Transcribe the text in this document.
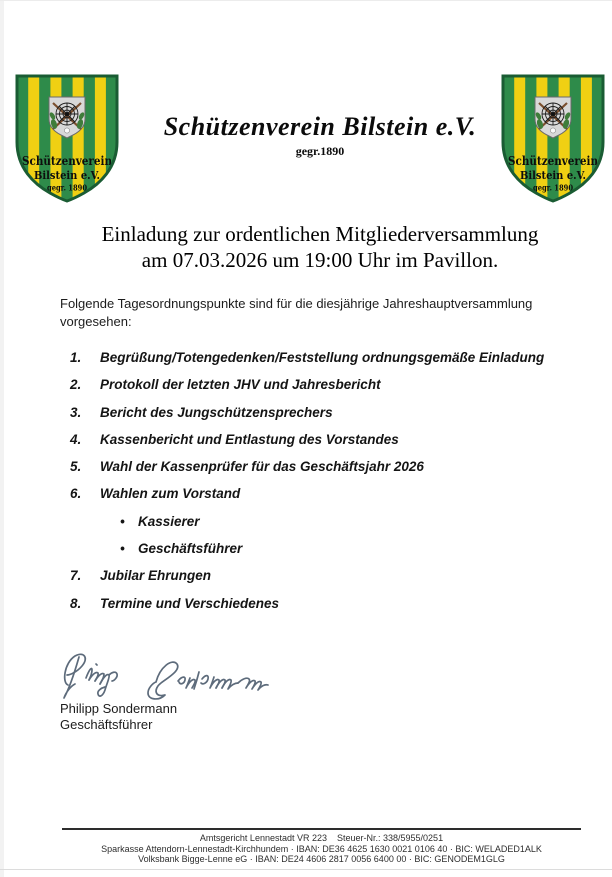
Schützenverein
Bilstein e.V.
gegr. 1890
Schützenverein
Bilstein e.V.
gegr. 1890
Schützenverein Bilstein e.V.
gegr.1890
Einladung zur ordentlichen Mitgliederversammlung
am 07.03.2026 um 19:00 Uhr im Pavillon.
Folgende Tagesordnungspunkte sind für die diesjährige Jahreshauptversammlung vorgesehen:
1.	Begrüßung/Totengedenken/Feststellung ordnungsgemäße Einladung
2.	Protokoll der letzten JHV und Jahresbericht
3.	Bericht des Jungschützensprechers
4.	Kassenbericht und Entlastung des Vorstandes
5.	Wahl der Kassenprüfer für das Geschäftsjahr 2026
6.	Wahlen zum Vorstand
• Kassierer
• Geschäftsführer
7.	Jubilar Ehrungen
8.	Termine und Verschiedenes
Philipp Sondermann
Geschäftsführer
Amtsgericht Lennestadt VR 223    Steuer-Nr.: 338/5955/0251
Sparkasse Attendorn-Lennestadt-Kirchhundem · IBAN: DE36 4625 1630 0021 0106 40 · BIC: WELADED1ALK
Volksbank Bigge-Lenne eG · IBAN: DE24 4606 2817 0056 6400 00 · BIC: GENODEM1GLG
